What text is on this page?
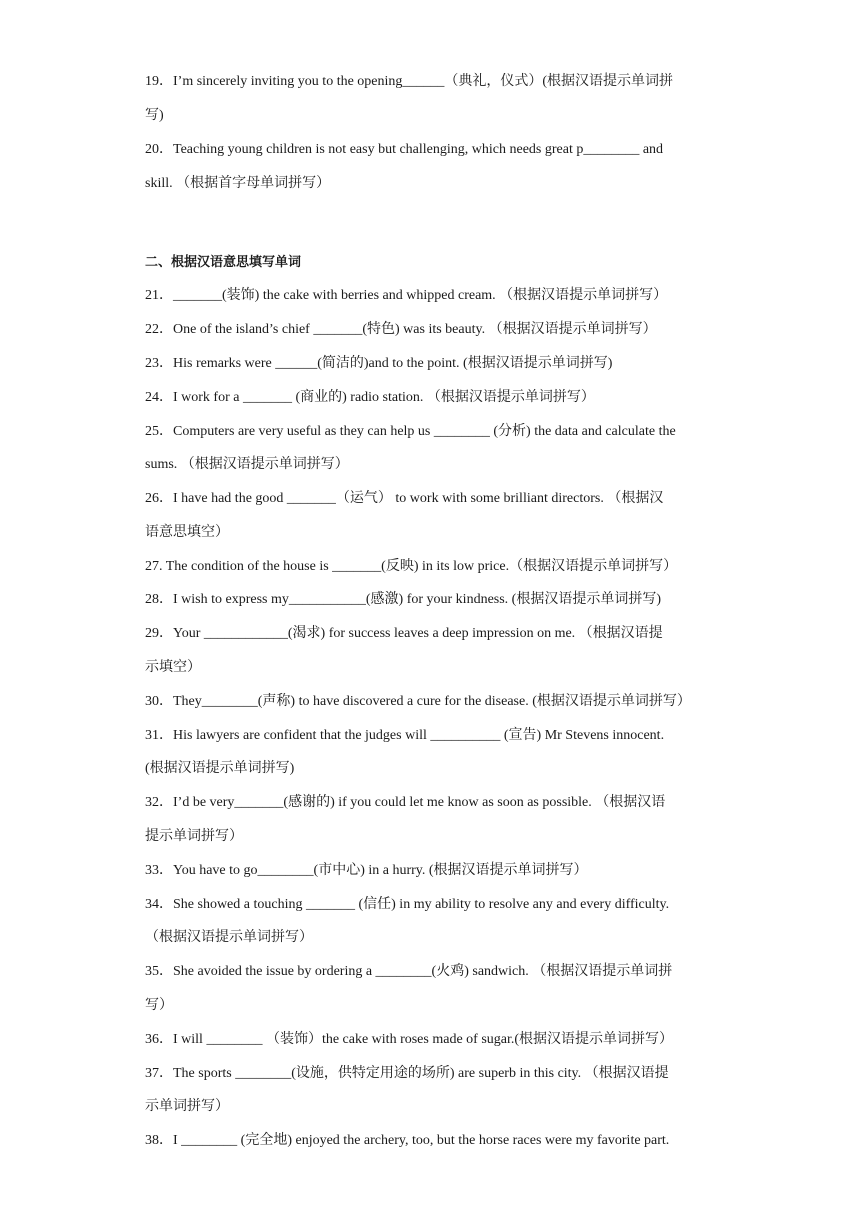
19．I’m sincerely inviting you to the opening______（典礼，仪式）(根据汉语提示单词拼
写)
20．Teaching young children is not easy but challenging, which needs great p________ and
skill. （根据首字母单词拼写）
二、根据汉语意思填写单词
21．_______(装饰) the cake with berries and whipped cream. （根据汉语提示单词拼写）
22．One of the island’s chief _______(特色) was its beauty. （根据汉语提示单词拼写）
23．His remarks were ______(简洁的)and to the point. (根据汉语提示单词拼写)
24．I work for a _______ (商业的) radio station. （根据汉语提示单词拼写）
25．Computers are very useful as they can help us ________ (分析) the data and calculate the
sums. （根据汉语提示单词拼写）
26．I have had the good _______（运气） to work with some brilliant directors. （根据汉
语意思填空）
27. The condition of the house is _______(反映) in its low price.（根据汉语提示单词拼写）
28．I wish to express my___________(感激) for your kindness. (根据汉语提示单词拼写)
29．Your ____________(渴求) for success leaves a deep impression on me. （根据汉语提
示填空）
30．They________(声称) to have discovered a cure for the disease. (根据汉语提示单词拼写）
31．His lawyers are confident that the judges will __________ (宣告) Mr Stevens innocent.
(根据汉语提示单词拼写)
32．I’d be very_______(感谢的) if you could let me know as soon as possible. （根据汉语
提示单词拼写）
33．You have to go________(市中心) in a hurry. (根据汉语提示单词拼写）
34．She showed a touching _______ (信任) in my ability to resolve any and every difficulty.
（根据汉语提示单词拼写）
35．She avoided the issue by ordering a ________(火鸡) sandwich. （根据汉语提示单词拼
写）
36．I will ________ （装饰）the cake with roses made of sugar.(根据汉语提示单词拼写）
37．The sports ________(设施，供特定用途的场所) are superb in this city. （根据汉语提
示单词拼写）
38．I ________ (完全地) enjoyed the archery, too, but the horse races were my favorite part.
